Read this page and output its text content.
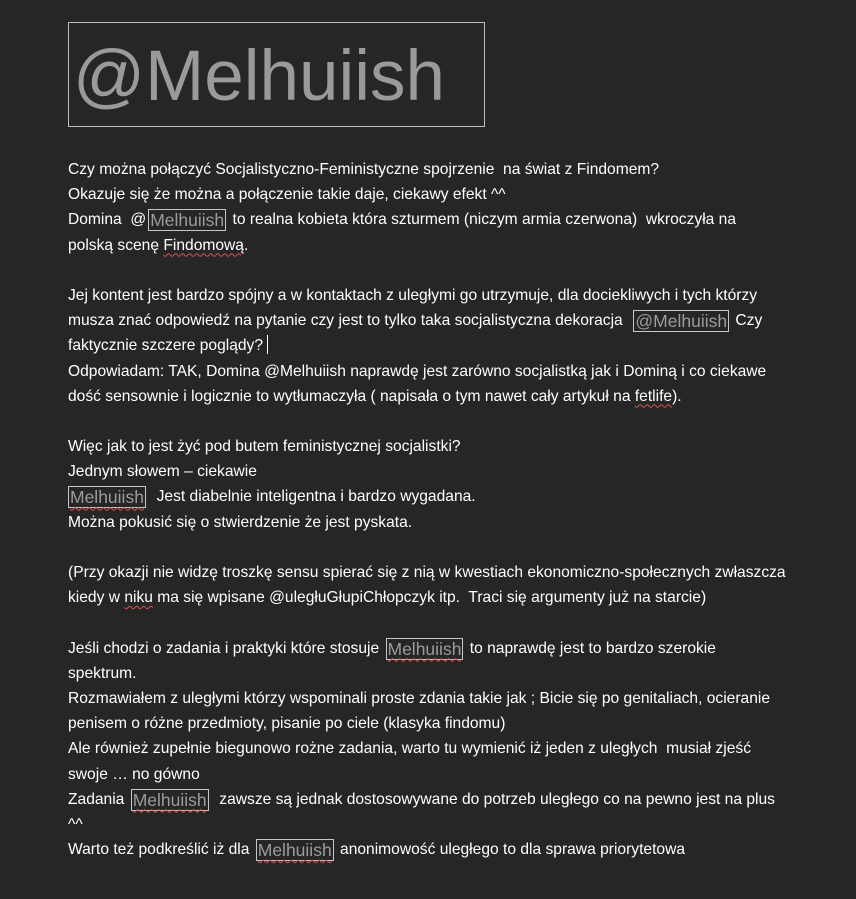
@Melhuiish
Czy można połączyć Socjalistyczno-Feministyczne spojrzenie  na świat z Findomem?
Okazuje się że można a połączenie takie daje, ciekawy efekt ^^
Domina  @ Melhuiish to realna kobieta która szturmem (niczym armia czerwona)  wkroczyła na
polską scenę Findomową.
Jej kontent jest bardzo spójny a w kontaktach z uległymi go utrzymuje, dla dociekliwych i tych którzy
musza znać odpowiedź na pytanie czy jest to tylko taka socjalistyczna dekoracja  @Melhuiish Czy
faktycznie szczere poglądy?
Odpowiadam: TAK, Domina @Melhuiish naprawdę jest zarówno socjalistką jak i Dominą i co ciekawe
dość sensownie i logicznie to wytłumaczyła ( napisała o tym nawet cały artykuł na fetlife).
Więc jak to jest żyć pod butem feministycznej socjalistki?
Jednym słowem – ciekawie
Melhuiish  Jest diabelnie inteligentna i bardzo wygadana.
Można pokusić się o stwierdzenie że jest pyskata.
(Przy okazji nie widzę troszkę sensu spierać się z nią w kwestiach ekonomiczno-społecznych zwłaszcza
kiedy w niku ma się wpisane @uległuGłupiChłopczyk itp.  Traci się argumenty już na starcie)
Jeśli chodzi o zadania i praktyki które stosuje Melhuiish to naprawdę jest to bardzo szerokie
spektrum.
Rozmawiałem z uległymi którzy wspominali proste zdania takie jak ; Bicie się po genitaliach, ocieranie
penisem o różne przedmioty, pisanie po ciele (klasyka findomu)
Ale również zupełnie biegunowo rożne zadania, warto tu wymienić iż jeden z uległych  musiał zjeść
swoje … no gówno
Zadania Melhuiish  zawsze są jednak dostosowywane do potrzeb uległego co na pewno jest na plus
^^
Warto też podkreślić iż dla Melhuiish anonimowość uległego to dla sprawa priorytetowa
